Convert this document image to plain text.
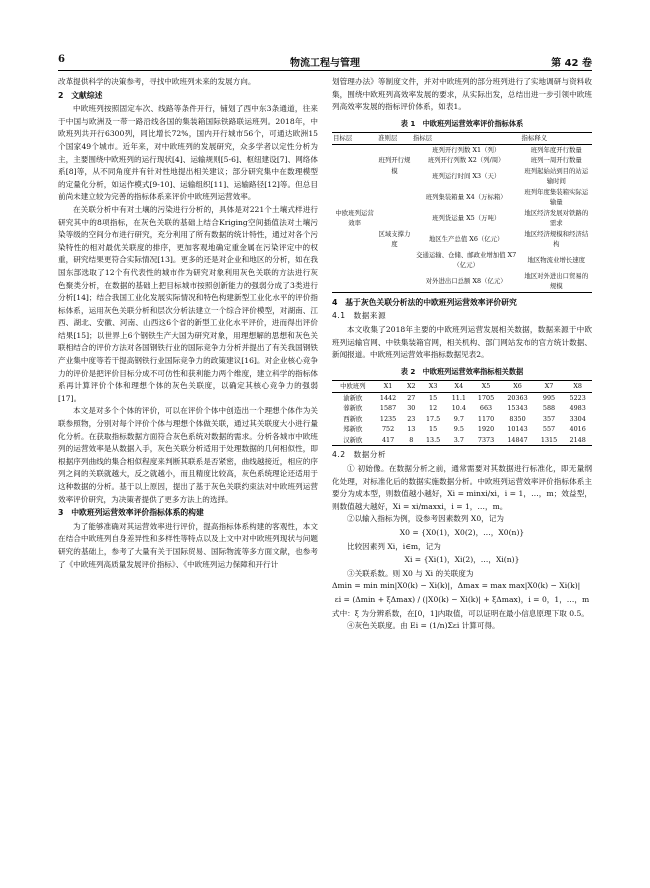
6	物流工程与管理	第 42 卷

改革提供科学的决策参考，寻找中欧班列未来的发展方向。

2　文献综述

中欧班列按照固定车次、线路等条件开行，铺划了西中东3条通道，往来于中国与欧洲及一带一路沿线各国的集装箱国际铁路联运班列。2018年，中欧班列共开行6300列，同比增长72%，国内开行城市56个，可通达欧洲15个国家49个城市。近年来，对中欧班列的发展研究，众多学者以定性分析为主，主要围绕中欧班列的运行现状[4]、运输规则[5-6]、枢纽建设[7]、网络体系[8]等，从不同角度并有针对性地提出相关建议；部分研究集中在数理模型的定量化分析，如运作模式[9-10]、运输组织[11]、运输路径[12]等。但总目前尚未建立较为完善的指标体系来评价中欧班列运营效率。

在关联分析中有对土壤的污染进行分析的，具体是对221个土壤式样进行研究其中的8项指标，在灰色关联的基础上结合Kriging空间插值法对土壤污染等级的空间分布进行研究，充分利用了所有数据的统计特性，通过对各个污染特性的相对最优关联度的排序，更加客观地确定重金属在污染评定中的权重，研究结果更符合实际情况[13]。更多的还是对企业和地区的分析，如在我国东部选取了12个有代表性的城市作为研究对象利用灰色关联的方法进行灰色聚类分析，在数据的基础上把目标城市按照创新能力的强弱分成了3类进行分析[14]；结合我国工业化发展实际情况和特色构建新型工业化水平的评价指标体系，运用灰色关联分析和层次分析法建立一个综合评价模型，对湖南、江西、湖北、安徽、河南、山西这6个省的新型工业化水平评价，进而得出评价结果[15]；以世界上6个钢铁生产大国为研究对象，用理想解的思想和灰色关联相结合的评价方法对各国钢铁行业的国际竞争力分析并提出了有关我国钢铁产业集中度等若干提高钢铁行业国际竞争力的政策建议[16]。对企业核心竞争力的评价是把评价目标分成不可仿性和获利能力两个维度，建立科学的指标体系再计算评价个体和理想个体的灰色关联度，以确定其核心竞争力的强弱[17]。

本文是对多个个体的评价，可以在评价个体中创造出一个理想个体作为关联参照物，分别对每个评价个体与理想个体做关联，通过其关联度大小进行量化分析。在获取指标数据方面符合灰色系统对数据的需求。分析各城市中欧班列的运营效率是从数据入手，灰色关联分析适用于处理数据的几何相似性，即根据序列曲线的集合相似程度来判断其联系是否紧密，曲线越接近，相应的序列之间的关联就越大，反之就越小，而且精度比较高，灰色系统理论还适用于这种数据的分析。基于以上原因，提出了基于灰色关联约束法对中欧班列运营效率评价研究，为决策者提供了更多方法上的选择。

3　中欧班列运营效率评价指标体系的构建

为了能够准确对其运营效率进行评价，提高指标体系构建的客观性，本文在结合中欧班列自身差异性和多样性等特点以及上文中对中欧班列现状与问题研究的基础上，参考了大量有关于国际贸易、国际物流等多方面文献，也参考了《中欧班列高质量发展评价指标》、《中欧班列运力保障和开行计

划管理办法》等制度文件，并对中欧班列的部分班列进行了实地调研与资料收集，围绕中欧班列高效率发展的要求，从实际出发，总结出进一步引领中欧班列高效率发展的指标评价体系，如表1。

表 1　中欧班列运营效率评价指标体系
目标层	准则层	指标层	指标释义
中欧班列运营效率	班列开行规模	班列开行列数 X1（列）	班列年度开行数量
		班列开行列数 X2（列/周）	班列一周开行数量
		班列运行时间 X3（天）	班列起始站到目的站运输时间
	区域支撑力度	班列集装箱量 X4（万标箱）	班列年度集装箱实际运输量
		班列货运量 X5（万吨）	地区经济发展对铁路的需求
		地区生产总值 X6（亿元）	地区经济规模和经济结构
		交通运输、仓储、邮政业增加值 X7（亿元）	地区物流业增长速度
		对外进出口总额 X8（亿元）	地区对外进出口贸易的规模
4　基于灰色关联分析法的中欧班列运营效率评价研究
4.1　数据来源

本文收集了2018年主要的中欧班列运营发展相关数据，数据来源于中欧班列运输官网、中铁集装箱官网，相关机构、部门网站发布的官方统计数据、新闻报道。中欧班列运营效率指标数据见表2。

表 2　中欧班列运营效率指标相关数据
中欧班列	X1	X2	X3	X4	X5	X6	X7	X8
渝新欧	1442	27	15	11.1	1705	20363	995	5223
蓉新欧	1587	30	12	10.4	663	15343	588	4983
西新欧	1235	23	17.5	9.7	1170	8350	357	3304
郑新欧	752	13	15	9.5	1920	10143	557	4016
汉新欧	417	8	13.5	3.7	7373	14847	1315	2148
4.2　数据分析

① 初始像。在数据分析之前，通常需要对其数据进行标准化，即无量纲化处理，对标准化后的数据实施数据分析。中欧班列运营效率评价指标体系主要分为成本型，则数值越小越好，Xi = minxi/xi，i = 1，…，m；效益型，则数值越大越好，Xi = xi/maxxi，i = 1，…，m。

②以输入指标为例，设参考因素数列 X0，记为

X0 = {X0(1)，X0(2)，…，X0(n)}

比较因素列 Xi，i∈m，记为

Xi = {Xi(1)，Xi(2)，…，Xi(n)}

③关联系数。则 X0 与 Xi 的关联度为

Δmin = min min|X0(k) − Xi(k)|，Δmax = max max|X0(k) − Xi(k)|

εi = (Δmin + ξΔmax) / (|X0(k) − Xi(k)| + ξΔmax)，i = 0，1，…，m

式中：ξ 为分辨系数，在[0，1]内取值，可以证明在最小信息原理下取 0.5。

④灰色关联度。由 Ei = (1/n)Σεi 计算可得。
